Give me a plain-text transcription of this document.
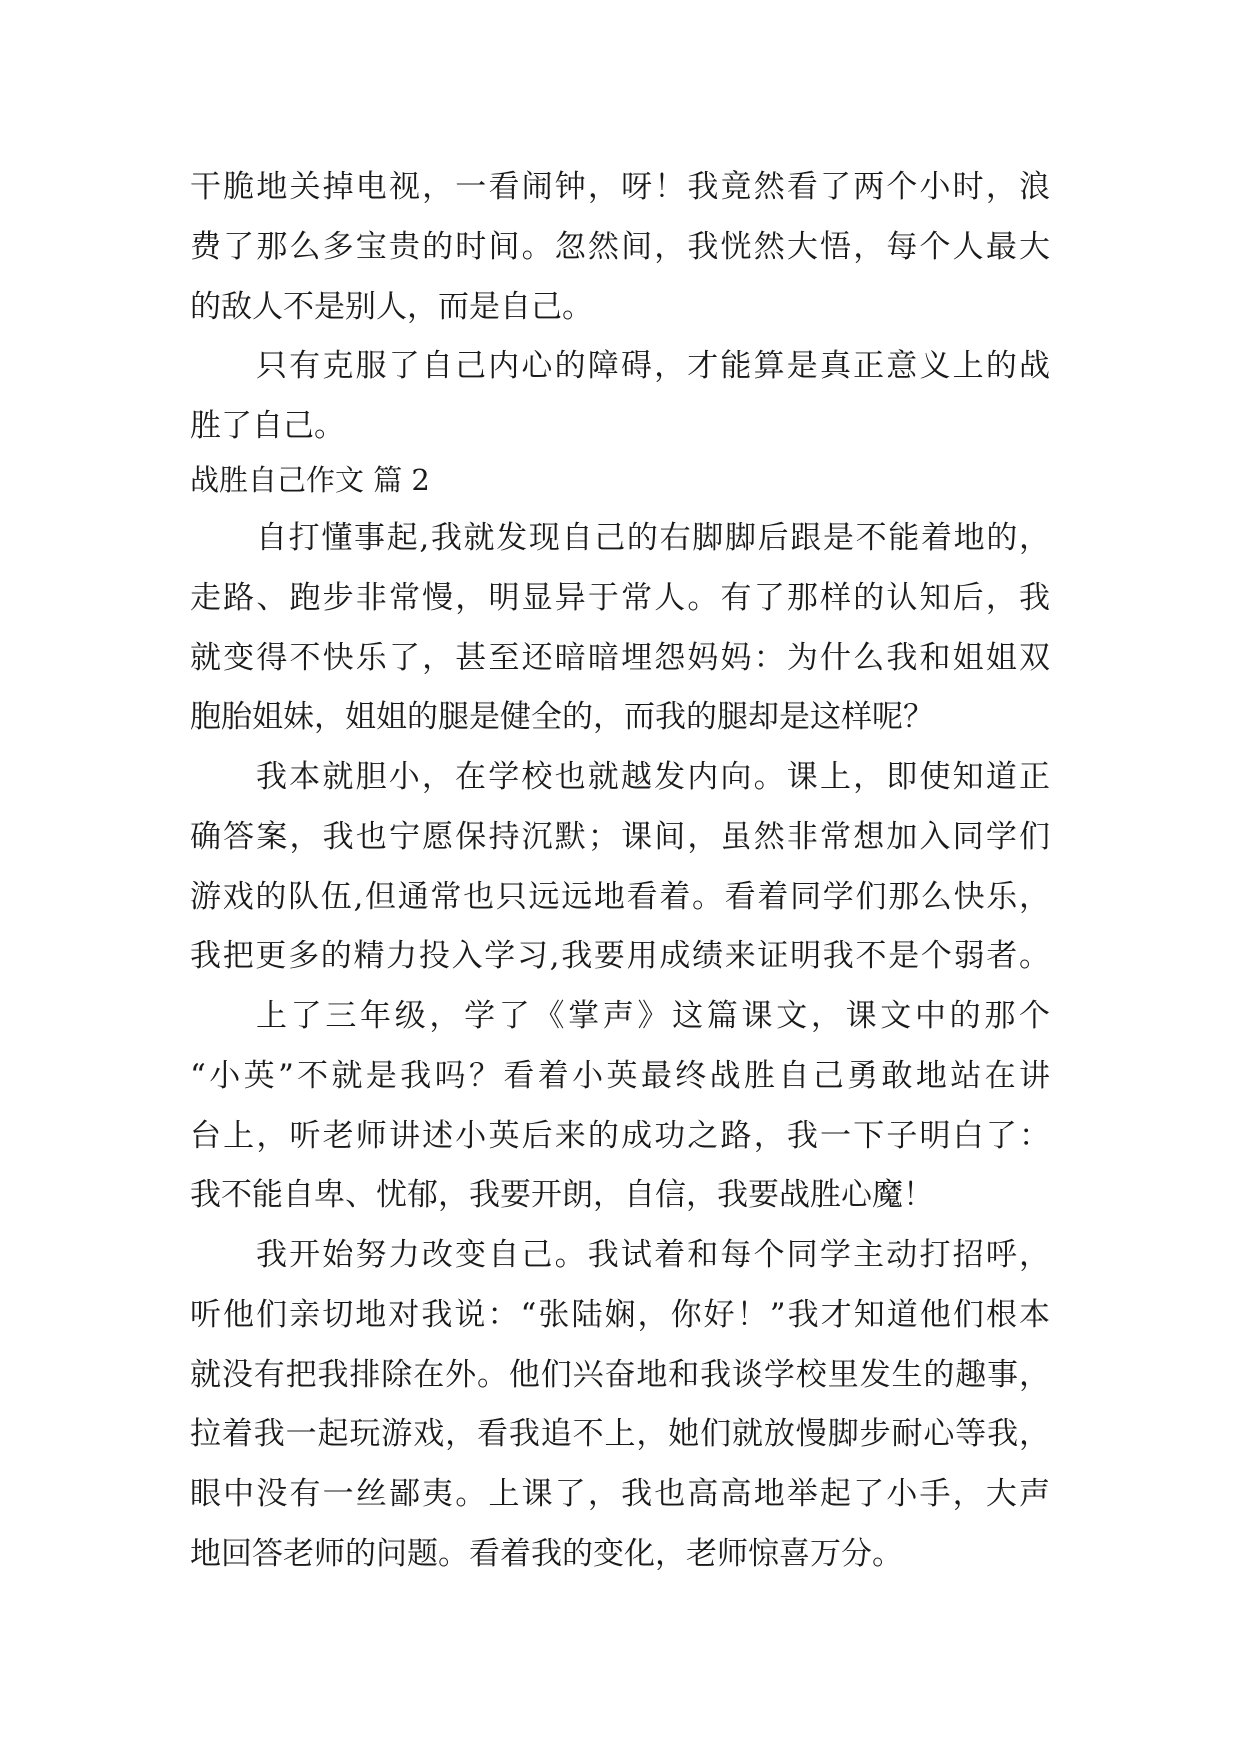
干脆地关掉电视，一看闹钟，呀！我竟然看了两个小时，浪
费了那么多宝贵的时间。忽然间，我恍然大悟，每个人最大
的敌人不是别人，而是自己。
只有克服了自己内心的障碍，才能算是真正意义上的战
胜了自己。
战胜自己作文 篇 2
自打懂事起,我就发现自己的右脚脚后跟是不能着地的，
走路、跑步非常慢，明显异于常人。有了那样的认知后，我
就变得不快乐了，甚至还暗暗埋怨妈妈：为什么我和姐姐双
胞胎姐妹，姐姐的腿是健全的，而我的腿却是这样呢？
我本就胆小，在学校也就越发内向。课上，即使知道正
确答案，我也宁愿保持沉默；课间，虽然非常想加入同学们
游戏的队伍,但通常也只远远地看着。看着同学们那么快乐，
我把更多的精力投入学习,我要用成绩来证明我不是个弱者。
上了三年级，学了《掌声》这篇课文，课文中的那个
“小英”不就是我吗？看着小英最终战胜自己勇敢地站在讲
台上，听老师讲述小英后来的成功之路，我一下子明白了：
我不能自卑、忧郁，我要开朗，自信，我要战胜心魔！
我开始努力改变自己。我试着和每个同学主动打招呼，
听他们亲切地对我说：“张陆娴，你好！”我才知道他们根本
就没有把我排除在外。他们兴奋地和我谈学校里发生的趣事，
拉着我一起玩游戏，看我追不上，她们就放慢脚步耐心等我，
眼中没有一丝鄙夷。上课了，我也高高地举起了小手，大声
地回答老师的问题。看着我的变化，老师惊喜万分。
